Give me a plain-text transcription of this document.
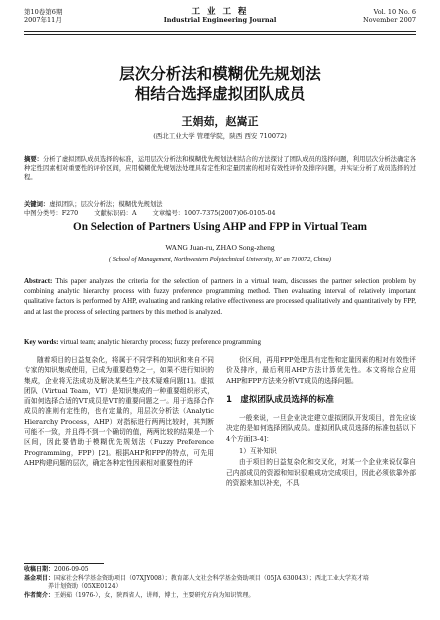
第10卷第6期
2007年11月
工 业 工 程
Industrial Engineering Journal
Vol. 10 No. 6
November 2007
层次分析法和模糊优先规划法
相结合选择虚拟团队成员
王娟茹，赵嵩正
(西北工业大学 管理学院，陕西 西安 710072)
摘要：分析了虚拟团队成员选择的标准，运用层次分析法和模糊优先规划法相结合的方法探讨了团队成员的选择问题，利用层次分析法确定各种定性因素相对重要性的评价区间，应用模糊优先规划法处理具有定性和定量因素的相对有效性评价及排序问题，并实证分析了成员选择的过程。
关键词：虚拟团队；层次分析法；模糊优先规划法
中图分类号：F270	文献标识码：A	文章编号：1007-7375(2007)06-0105-04
On Selection of Partners Using AHP and FPP in Virtual Team
WANG Juan-ru, ZHAO Song-zheng
( School of Management, Northwestern Polytechnical University, Xi' an 710072, China)
Abstract: This paper analyzes the criteria for the selection of partners in a virtual team, discusses the partner selection problem by combining analytic hierarchy process with fuzzy preference programming method. Then evaluating interval of relatively important qualitative factors is performed by AHP, evaluating and ranking relative effectiveness are processed qualitatively and quantitatively by FPP, and at last the process of selecting partners by this method is analyzed.
Key words: virtual team; analytic hierarchy process; fuzzy preference programming

随着项目的日益复杂化，将属于不同学科的知识和来自不同专家的知识集成使用，已成为重要趋势之一，如果不进行知识的集成，企业将无法成功及解决某些生产技术疑难问题[1]。虚拟团队（Virtual Team，VT）是知识集成的一种重要组织形式，而如何选择合适的VT成员是VT的重要问题之一。用于选择合作成员的准则有定性的，也有定量的，用层次分析法（Analytic Hierarchy Process，AHP）对指标进行两两比较时，其判断可能不一致，并且得不到一个确切的值，两两比较的结果是一个区间，因此要借助于模糊优先规划法（Fuzzy Preference Programming，FPP）[2]。根据AHP和FPP的特点，可先用AHP构建问题的层次，确定各种定性因素相对重要性的评

价区间，再用FPP处理具有定性和定量因素的相对有效性评价及排序，最后利用AHP方法计算优先性。本文将综合应用AHP和FPP方法来分析VT成员的选择问题。

1　虚拟团队成员选择的标准

一般来说，一旦企业决定建立虚拟团队开发项目，首先应该决定的是如何选择团队成员。虚拟团队成员选择的标准包括以下4个方面[3-4]：

1）互补知识

由于项目的日益复杂化和交叉化，对某一个企业来说仅靠自己内部成员的资源和知识很难成功完成项目，因此必须依靠外部的资源来加以补充，不具

收稿日期：2006-09-05
基金项目：国家社会科学基金资助项目（07XJY008）；教育部人文社会科学基金资助项目（05JA 630043）；西北工业大学英才培
养计划资助（05XE0124）
作者简介：王娟茹（1976-），女，陕西省人，讲师，博士，主要研究方向为知识管理。
